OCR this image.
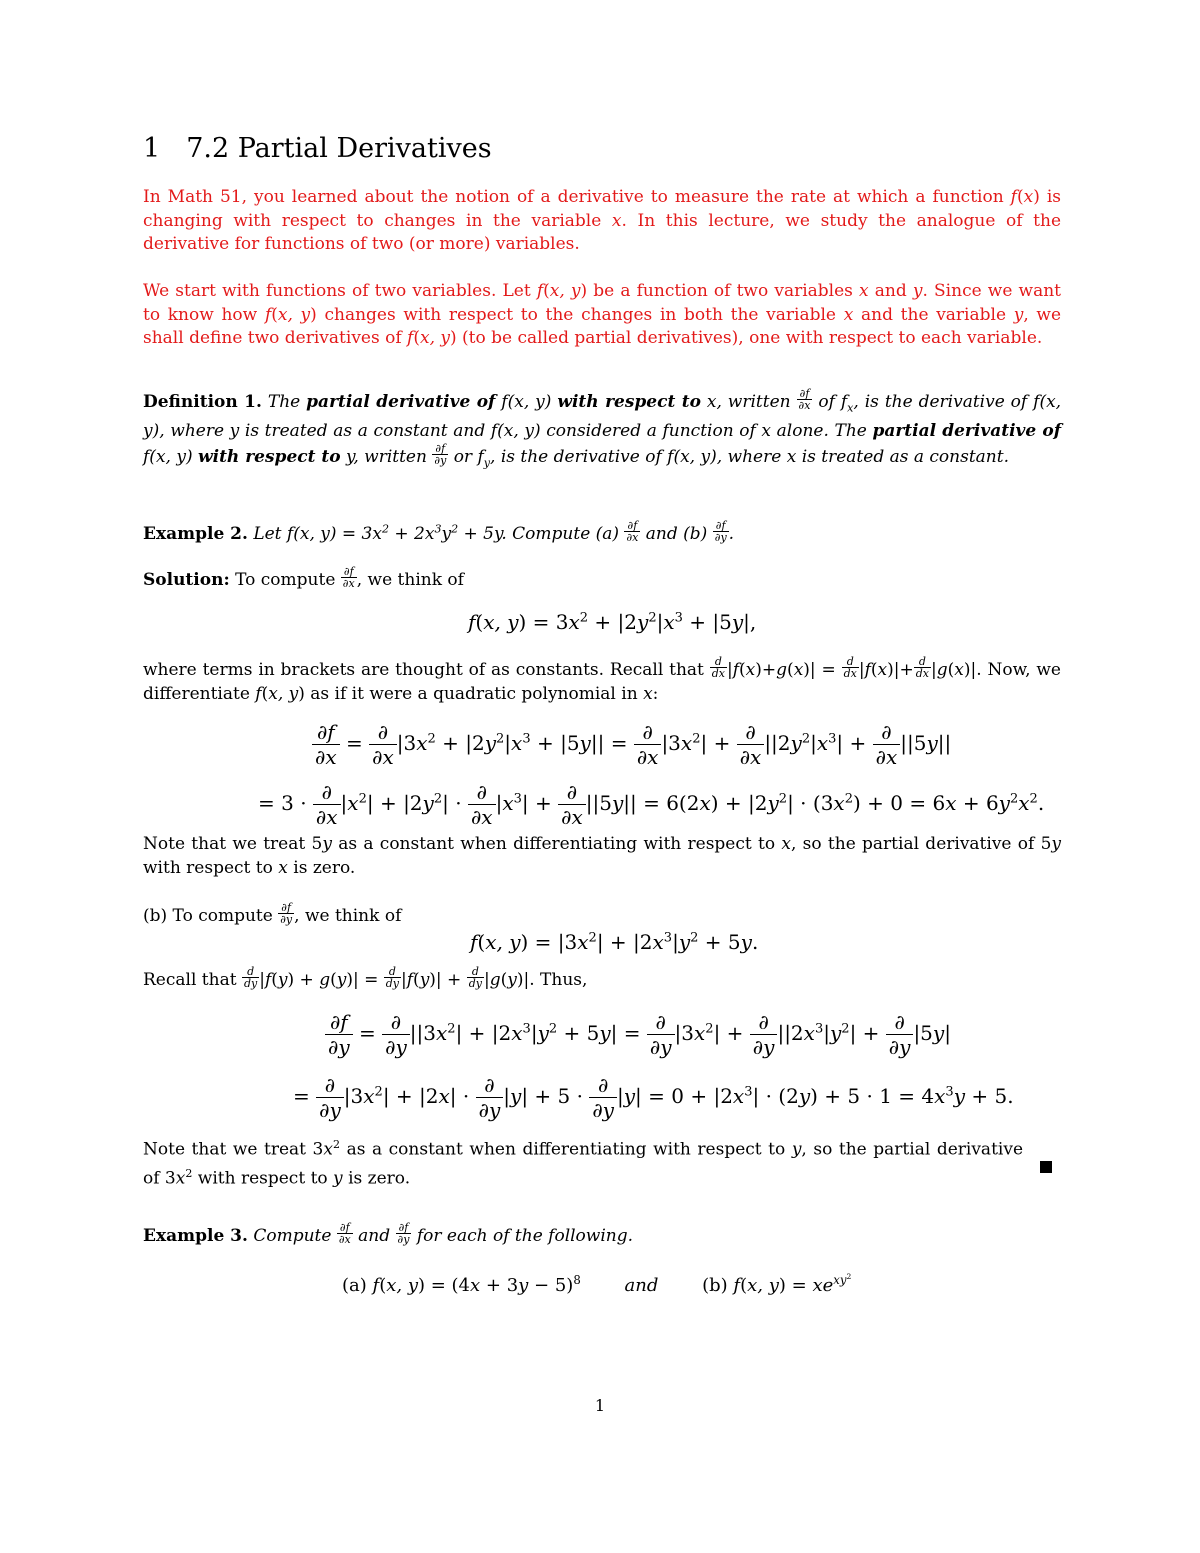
1 7.2 Partial Derivatives
In Math 51, you learned about the notion of a derivative to measure the rate at which a function f(x) is changing with respect to changes in the variable x. In this lecture, we study the analogue of the derivative for functions of two (or more) variables.
We start with functions of two variables. Let f(x, y) be a function of two variables x and y. Since we want to know how f(x, y) changes with respect to the changes in both the variable x and the variable y, we shall define two derivatives of f(x, y) (to be called partial derivatives), one with respect to each variable.
Definition 1. The partial derivative of f(x, y) with respect to x, written $\frac{\partial f}{\partial x}$ of $f_x$, is the derivative of f(x, y), where y is treated as a constant and f(x, y) considered a function of x alone. The partial derivative of f(x, y) with respect to y, written $\frac{\partial f}{\partial y}$ or $f_y$, is the derivative of f(x, y), where x is treated as a constant.
Example 2. Let f(x, $y) = 3x^2 + 2x^3y^2 + 5y$. Compute $(a) \frac{\partial f}{\partial x}$ and $(b) \frac{\partial f}{\partial y}$ .
Solution: To compute $\frac{\partial f}{\partial x}$ , we think of
f(x, $y) = 3x^2 + |2y^2|x^3 + |5y|$,
where terms in brackets are thought of as constants. Recall that $\frac{d}{dx} |f(x)+g(x)| = \frac{d}{dx} |f(x)|+ \frac{d}{dx} |g(x)|$. Now, we differentiate f(x, y) as if it were a quadratic polynomial in x:
$\frac{\partial f}{\partial x} = \frac{\partial}{\partial x} |3x^2 + |2y^2|x^3 + |5y|| = \frac{\partial}{\partial x} |3x^2| + \frac{\partial}{\partial x} ||2y^2|x^3| + \frac{\partial}{\partial x} ||5y||$
= $3 \cdot \frac{\partial}{\partial x} |x^2| + |2y^2| \cdot \frac{\partial}{\partial x} |x^3| + \frac{\partial}{\partial x} ||5y|| = 6(2x) + |2y^2| \cdot (3x^2) + 0 = 6x + 6y^2x^2$.
Note that we treat 5y as a constant when differentiating with respect to x, so the partial derivative of 5y with respect to x is zero.
(b) To compute $\frac{\partial f}{\partial y}$ , we think of
f(x, $y) = |3x^2| + |2x^3|y^2 + 5y$.
Recall that $\frac{d}{dy} |f(y) + g(y)| = \frac{d}{dy} |f(y)| + \frac{d}{dy} |g(y)|$. Thus,
$\frac{\partial f}{\partial y} = \frac{\partial}{\partial y} ||3x^2| + |2x^3|y^2 + 5y| = \frac{\partial}{\partial y} |3x^2| + \frac{\partial}{\partial y} ||2x^3|y^2| + \frac{\partial}{\partial y} |5y|$
= $\frac{\partial}{\partial y} |3x^2| + |2x| \cdot \frac{\partial}{\partial y} |y| + 5 \cdot \frac{\partial}{\partial y} |y| = 0 + |2x^3| \cdot (2y) + 5 \cdot 1 = 4x^3y + 5$.
Note that we treat $3x^2$ as a constant when differentiating with respect to y, so the partial derivative of $3x^2$ with respect to y is zero.
Example 3. Compute $\frac{\partial f}{\partial x}$ and $\frac{\partial f}{\partial y}$ for each of the following.
(a) f(x, $y) = (4x + 3y - 5)^8$ and (b) f(x, $y) = xe^{xy^2}$
1
